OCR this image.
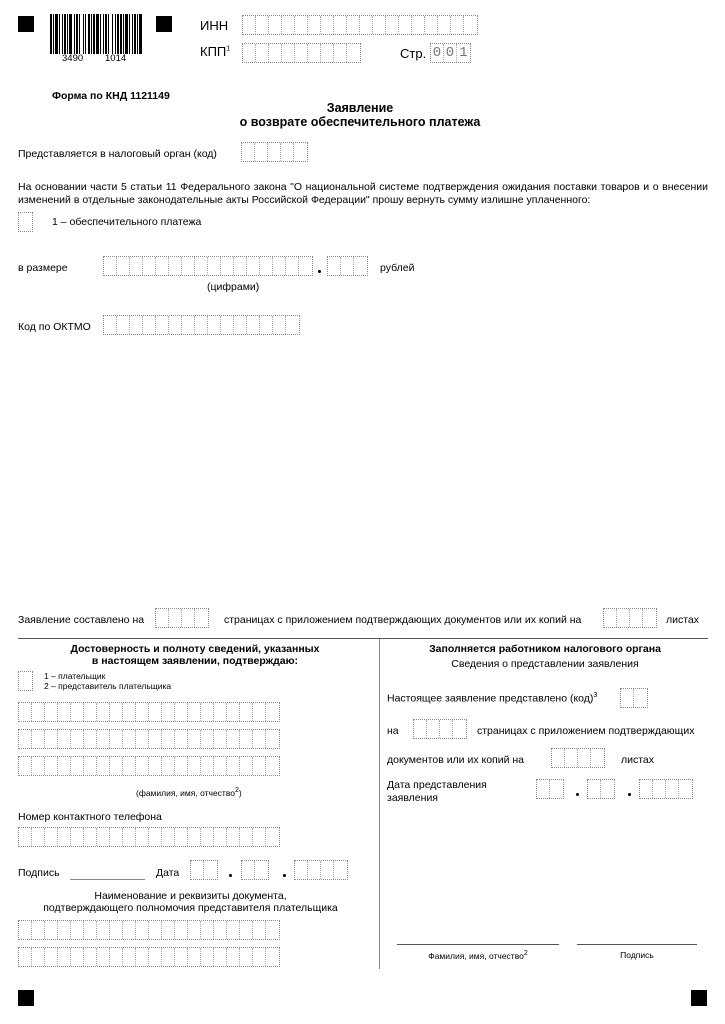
3490 1014
ИНН
КПП$^1$	Стр. 0 0 1
Форма по КНД 1121149
Заявление
о возврате обеспечительного платежа
Представляется в налоговый орган (код)
На основании части 5 статьи 11 Федерального закона "О национальной системе подтверждения ожидания поставки товаров и о внесении изменений в отдельные законодательные акты Российской Федерации" прошу вернуть сумму излишне уплаченного:
1 – обеспечительного платежа
в размере	рублей
(цифрами)
Код по ОКТМО
Заявление составлено на	страницах с приложением подтверждающих документов или их копий на	листах
Достоверность и полноту сведений, указанных
в настоящем заявлении, подтверждаю:
1 – плательщик
2 – представитель плательщика
(фамилия, имя, отчество$^2$)
Номер контактного телефона
Подпись	Дата
Наименование и реквизиты документа,
подтверждающего полномочия представителя плательщика
Заполняется работником налогового органа
Сведения о представлении заявления
Настоящее заявление представлено (код)$^3$
на	страницах с приложением подтверждающих
документов или их копий на	листах
Дата представления
заявления
Фамилия, имя, отчество$^2$	Подпись
